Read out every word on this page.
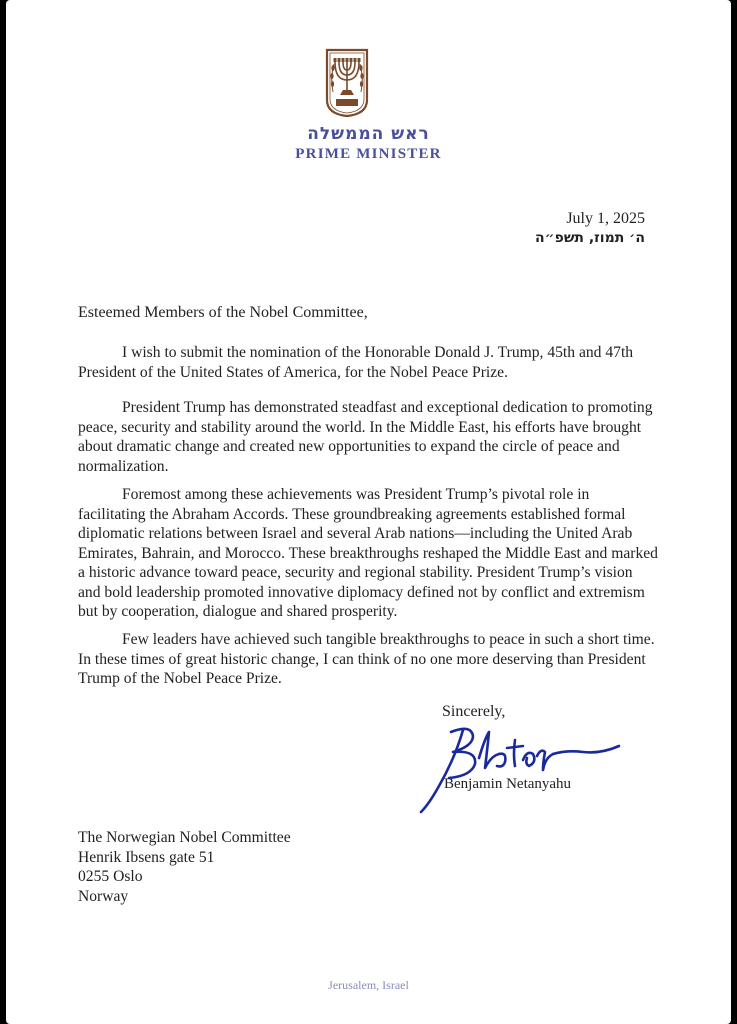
ראש הממשלה
PRIME MINISTER
July 1, 2025
ה׳ תמוז, תשפ״ה
Esteemed Members of the Nobel Committee,

I wish to submit the nomination of the Honorable Donald J. Trump, 45th and 47th President of the United States of America, for the Nobel Peace Prize.

President Trump has demonstrated steadfast and exceptional dedication to promoting peace, security and stability around the world. In the Middle East, his efforts have brought about dramatic change and created new opportunities to expand the circle of peace and normalization.

Foremost among these achievements was President Trump’s pivotal role in facilitating the Abraham Accords. These groundbreaking agreements established formal diplomatic relations between Israel and several Arab nations—including the United Arab Emirates, Bahrain, and Morocco. These breakthroughs reshaped the Middle East and marked a historic advance toward peace, security and regional stability. President Trump’s vision and bold leadership promoted innovative diplomacy defined not by conflict and extremism but by cooperation, dialogue and shared prosperity.

Few leaders have achieved such tangible breakthroughs to peace in such a short time. In these times of great historic change, I can think of no one more deserving than President Trump of the Nobel Peace Prize.

Sincerely,
Benjamin Netanyahu
The Norwegian Nobel Committee
Henrik Ibsens gate 51
0255 Oslo
Norway
Jerusalem, Israel
